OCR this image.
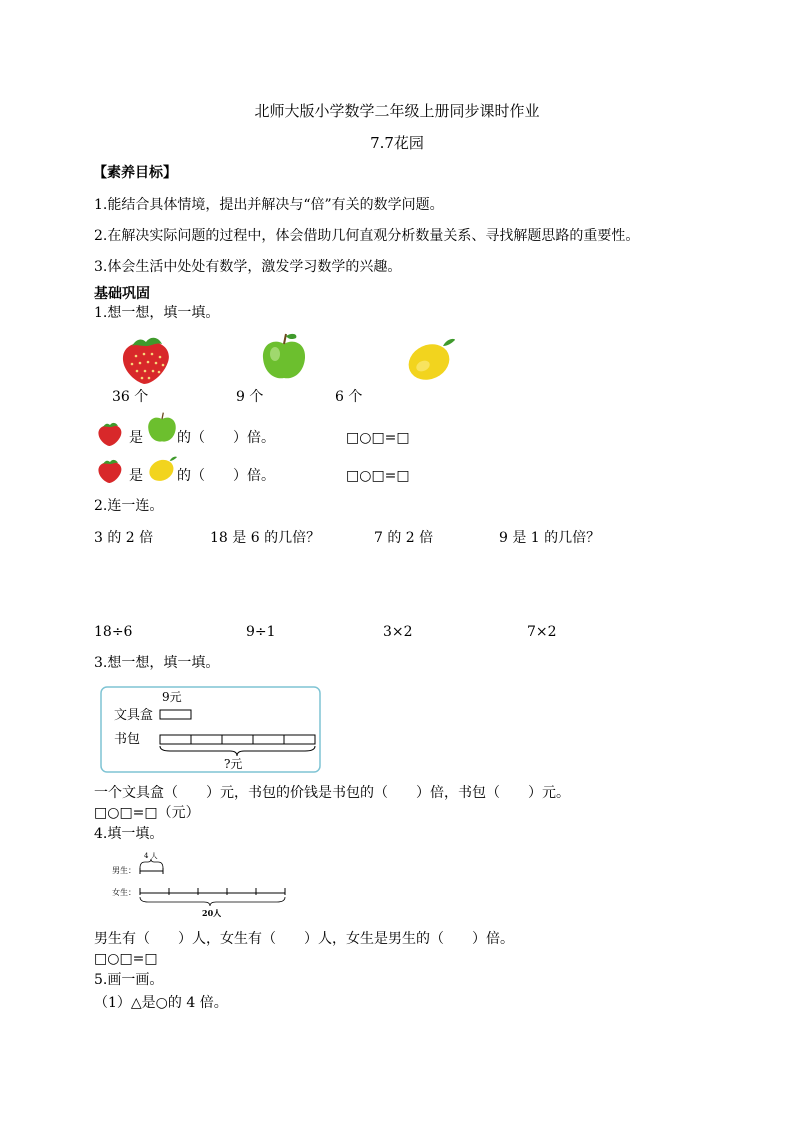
北师大版小学数学二年级上册同步课时作业
7.7花园
【素养目标】
1.能结合具体情境，提出并解决与“倍”有关的数学问题。
2.在解决实际问题的过程中，体会借助几何直观分析数量关系、寻找解题思路的重要性。
3.体会生活中处处有数学，激发学习数学的兴趣。
基础巩固
1.想一想，填一填。
36 个	9 个	6 个
是 的（　　）倍。	□○□=□
是 的（　　）倍。	□○□=□
2.连一连。
3 的 2 倍	18 是 6 的几倍？	7 的 2 倍	9 是 1 的几倍？
18÷6	9÷1	3×2	7×2
3.想一想，填一填。
9元
文具盒
书包
?元
一个文具盒（　　）元，书包的价钱是书包的（　　）倍，书包（　　）元。
□○□=□（元）
4.填一填。
4 人
男生：
女生：
20人
男生有（　　）人，女生有（　　）人，女生是男生的（　　）倍。
□○□=□
5.画一画。
（1）△是○的 4 倍。
